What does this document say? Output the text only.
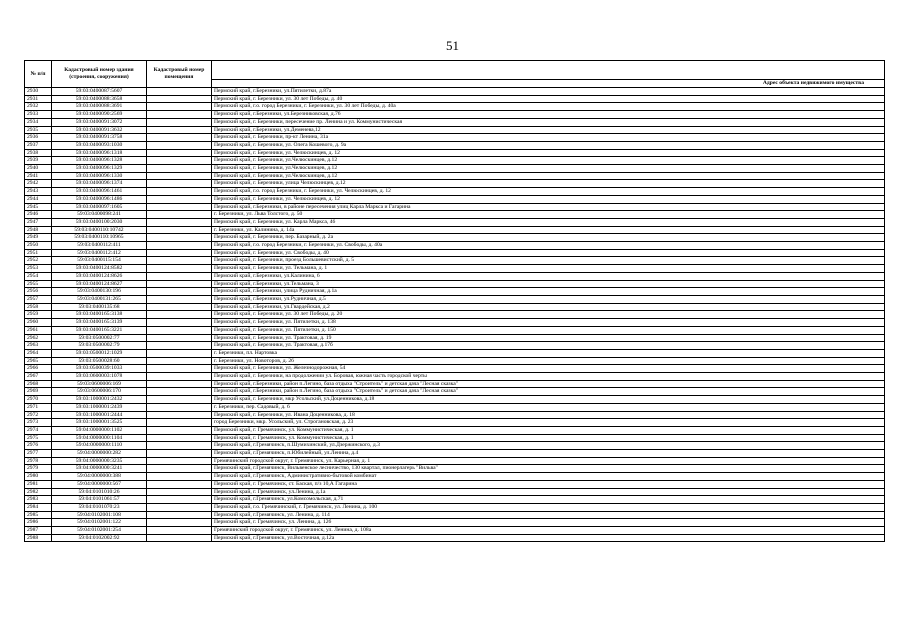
51
№ п/п	Кадастровый номер здания (строения, сооружения)	Кадастровый номер помещения	
			Адрес объекта недвижимого имущества
2930	59:03:0400087:5607		Пермский край, г.Березники, ул.Пятилетки, д.87а
2931	59:03:0400088:3658		Пермский край, г. Березники, ул. 30 лет Победы, д. 40
2932	59:03:0400088:3691		Пермский край, г.о. город Березники, г. Березники, ул. 30 лет Победы, д. 40а
2933	59:03:0400090:2569		Пермский край, г.Березники, ул.Березниковская, д.76
2934	59:03:0400091:3072		Пермский край, г. Березники, пересечение пр. Ленина и ул. Коммунистическая
2935	59:03:0400091:3632		Пермский край, г.Березники, ул.Деменева,12
2936	59:03:0400091:3758		Пермский край, г. Березники, пр-кт Ленина, 31а
2937	59:03:0400093:1030		Пермский край, г. Березники, ул. Олега Кошевого, д. 9а
2938	59:03:0400096:1318		Пермский край, г. Березники, ул. Челюскинцев, д. 12
2939	59:03:0400096:1328		Пермский край, г. Березники, ул.Челюскинцев, д.12
2940	59:03:0400096:1329		Пермский край, г. Березники, ул.Челюскинцев, д.12
2941	59:03:0400096:1330		Пермский край, г. Березники, ул.Челюскинцев, д.12
2942	59:03:0400096:1374		Пермский край, г. Березники, улица Челюскинцев, д.12
2943	59:03:0400096:1461		Пермский край, г.о. город Березники, г. Березники, ул. Челюскинцев, д. 12
2944	59:03:0400096:1486		Пермский край, г. Березники, ул. Челюскинцев, д. 12
2945	59:03:0400097:1605		Пермский край, г.Березники, в районе пересечения улиц Карла Маркса и Гагарина
2946	59:03:0400098:241		г. Березники, ул. Льва Толстого, д. 50
2947	59:03:0400100:2030		Пермский край, г. Березники, ул. Карла Маркса, 46
2948	59:03:0400110:10742		г. Березники, ул. Калинина, д. 14а
2949	59:03:0400110:10965		Пермский край, г. Березники, пер. Базарный, д. 2а
2950	59:03:0400112:411		Пермский край, г.о. город Березники, г. Березники, ул. Свободы, д. 40а
2951	59:03:0400112:412		Пермский край, г. Березники, ул. Свободы, д. 40
2952	59:03:0400115:154		Пермский край, г. Березники, проезд Большевистский, д. 5
2953	59:03:0400124:8582		Пермский край, г. Березники, ул. Тельмана, д. 1
2954	59:03:0400124:8626		Пермский край, г.Березники, ул.Калинина, 6
2955	59:03:0400124:8627		Пермский край, г.Березники, ул.Тельмана, 3
2956	59:03:0400130:196		Пермский край, г.Березники, улица Рудничная, д.1а
2957	59:03:0400131:265		Пермский край, г.Березники, ул.Рудничная, д.5
2958	59:03:0400135:68		Пермский край, г.Березники, ул.Гвардейская, д.2
2959	59:03:0400165:3138		Пермский край, г. Березники, ул. 30 лет Победы, д. 20
2960	59:03:0400165:3139		Пермский край, г. Березники, ул. Пятилетки, д. 138
2961	59:03:0400165:3221		Пермский край, г. Березники, ул. Пятилетки, д. 150
2962	59:03:0500002:77		Пермский край, г. Березники, ул. Трактовая, д. 19
2963	59:03:0500002:79		Пермский край, г. Березники, ул. Трактовая, д.17б
2964	59:03:0500012:1029		г. Березники, пл. Нартовка
2965	59:03:0500028:60		г. Березники, ул. Новоторов, д. 26
2966	59:03:0500039:1033		Пермский край, г. Березники, ул. Железнодорожная, 54
2967	59:03:0600003:1078		Пермский край, г. Березники, на продолжении ул. Боровая, южная часть городской черты
2968	59:03:0600006:169		Пермский край, г.Березники, район п.Легино, база отдыха "Строитель" и детская дача "Лесная сказка"
2969	59:03:0600006:170		Пермский край, г.Березники, район п.Легино, база отдыха "Строитель" и детская дача "Лесная сказка"
2970	59:03:1000001:2432		Пермский край, г. Березники, мкр Усольский, ул.Доценникова, д.18
2971	59:03:1000001:2439		г. Березники, пер. Садовый, д. 6
2972	59:03:1000001:2444		Пермский край, г. Березники, ул. Ивана Доценникова, д. 18
2973	59:03:1000001:3525		город Березники, мкр. Усольский, ул. Строгановская, д. 23
2974	59:04:0000000:1102		Пермский край, г. Гремячинск, ул. Коммунистическая, д. 1
2975	59:04:0000000:1104		Пермский край, г. Гремячинск, ул. Коммунистическая, д. 1
2976	59:04:0000000:1110		Пермский край, г.Гремячинск, п.Шумихинский, ул.Дзержинского, д.3
2977	59:04:0000000:282		Пермский край, г.Гремячинск, п.Юбилейный, ул.Ленина, д.4
2978	59:04:0000000:3235		Гремячинский городской округ, г. Гремячинск, ул. Карьерная, д. 1
2979	59:04:0000000:3241		Пермский край, г.Гремячинск, Вильвенское лесничество, 130 квартал, пионерлагерь "Вильва"
2980	59:04:0000000:388		Пермский край, г.Гремячинск, Административно-бытовой комбинат
2981	59:04:0000000:567		Пермский край, г. Гремячинск, ст. Баская, п/з 10,А Гагарина
2982	59:04:0101010:26		Пермский край, г. Гремячинск, ул.Ленина, д.1а
2983	59:04:0101061:57		Пермский край, г.Гремячинск, ул.Комсомольская, д.71
2984	59:04:0101070:23		Пермский край, г.о. Гремячинский, г. Гремячинск, ул. Ленина, д. 100
2985	59:04:0102001:108		Пермский край, г.Гремячинск, ул. Ленина, д. 114
2986	59:04:0102001:122		Пермский край, г. Гремячинск, ул. Ленина, д. 126
2987	59:04:0102001:254		Гремячинский городской округ, г. Гремячинск, ул. Ленина, д. 108а
2988	59:04:0102002:92		Пермский край, г.Гремячинск, ул.Восточная, д.12а
